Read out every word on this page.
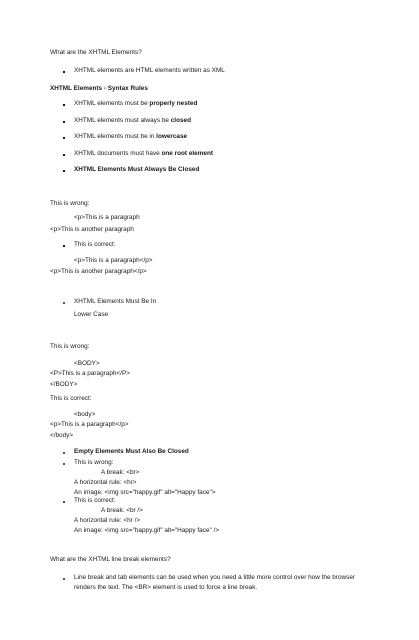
What are the XHTML Elements?
XHTML elements are HTML elements written as XML
XHTML Elements - Syntax Rules
XHTML elements must be properly nested
XHTML elements must always be closed
XHTML elements must be in lowercase
XHTML documents must have one root element
XHTML Elements Must Always Be Closed
This is wrong:
<p>This is a paragraph
<p>This is another paragraph
This is correct:
<p>This is a paragraph</p>
<p>This is another paragraph</p>
XHTML Elements Must Be In
Lower Case
This is wrong:
<BODY>
<P>This is a paragraph</P>
</BODY>
This is correct:
<body>
<p>This is a paragraph</p>
</body>
Empty Elements Must Also Be Closed
This is wrong:
A break: <br>
A horizontal rule: <hr>
An image: <img src="happy.gif" alt="Happy face">
This is correct:
A break: <br />
A horizontal rule: <hr />
An image: <img src="happy.gif" alt="Happy face" />
What are the XHTML line break elements?
Line break and tab elements can be used when you need a little more control over how the browser
renders the text. The <BR> element is used to force a line break.
